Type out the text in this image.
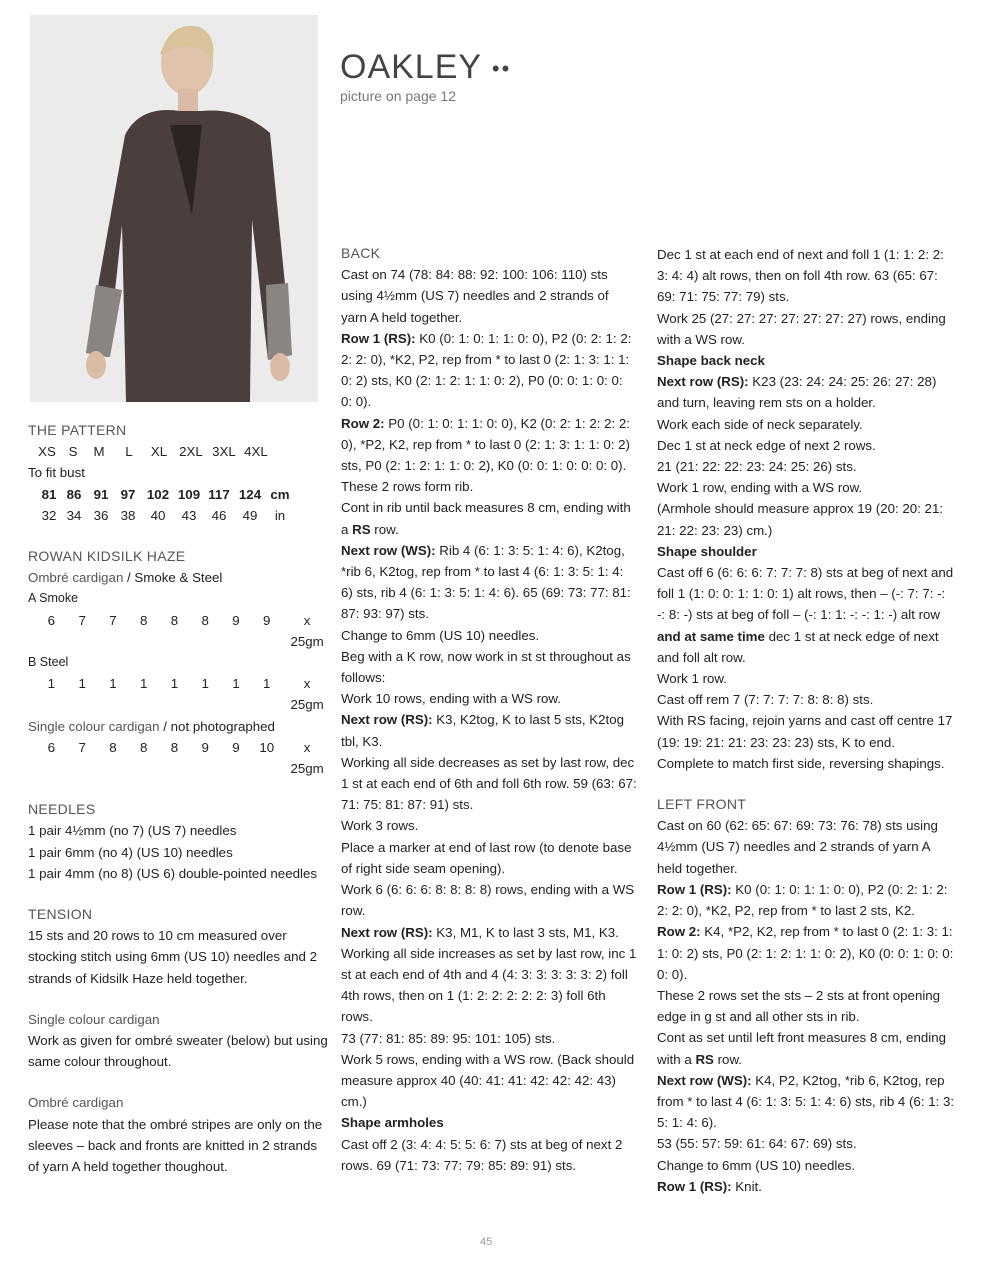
OAKLEY ••
picture on page 12
THE PATTERN
XS S	M	L	XL 2XL 3XL 4XL

To fit bust

81 86 91 97 102 109 117 124 cm
32 34 36 38	40	43	46	49	in
ROWAN KIDSILK HAZE

Ombré cardigan / Smoke & Steel

A Smoke

6	7	7	8	8	8	9	9	x 25gm

B Steel

1	1	1	1	1	1	1	1	x 25gm

Single colour cardigan / not photographed

6	7	8	8	8	9	9	10	x 25gm
NEEDLES

1 pair 4½mm (no 7) (US 7) needles

1 pair 6mm (no 4) (US 10) needles

1 pair 4mm (no 8) (US 6) double-pointed needles

TENSION

15 sts and 20 rows to 10 cm measured over stocking stitch using 6mm (US 10) needles and 2 strands of Kidsilk Haze held together.

Single colour cardigan

Work as given for ombré sweater (below) but using same colour throughout.

Ombré cardigan

Please note that the ombré stripes are only on the sleeves – back and fronts are knitted in 2 strands of yarn A held together thoughout.

BACK

Cast on 74 (78: 84: 88: 92: 100: 106: 110) sts using 4½mm (US 7) needles and 2 strands of yarn A held together.

Row 1 (RS): K0 (0: 1: 0: 1: 1: 0: 0), P2 (0: 2: 1: 2: 2: 2: 0), *K2, P2, rep from * to last 0 (2: 1: 3: 1: 1: 0: 2) sts, K0 (2: 1: 2: 1: 1: 0: 2), P0 (0: 0: 1: 0: 0: 0: 0).

Row 2: P0 (0: 1: 0: 1: 1: 0: 0), K2 (0: 2: 1: 2: 2: 2: 0), *P2, K2, rep from * to last 0 (2: 1: 3: 1: 1: 0: 2) sts, P0 (2: 1: 2: 1: 1: 0: 2), K0 (0: 0: 1: 0: 0: 0: 0).

These 2 rows form rib.

Cont in rib until back measures 8 cm, ending with a RS row.

Next row (WS): Rib 4 (6: 1: 3: 5: 1: 4: 6), K2tog, *rib 6, K2tog, rep from * to last 4 (6: 1: 3: 5: 1: 4: 6) sts, rib 4 (6: 1: 3: 5: 1: 4: 6). 65 (69: 73: 77: 81: 87: 93: 97) sts.

Change to 6mm (US 10) needles.

Beg with a K row, now work in st st throughout as follows:

Work 10 rows, ending with a WS row.

Next row (RS): K3, K2tog, K to last 5 sts, K2tog tbl, K3.

Working all side decreases as set by last row, dec 1 st at each end of 6th and foll 6th row. 59 (63: 67: 71: 75: 81: 87: 91) sts.

Work 3 rows.

Place a marker at end of last row (to denote base of right side seam opening).

Work 6 (6: 6: 6: 8: 8: 8: 8) rows, ending with a WS row.

Next row (RS): K3, M1, K to last 3 sts, M1, K3.

Working all side increases as set by last row, inc 1 st at each end of 4th and 4 (4: 3: 3: 3: 3: 3: 2) foll 4th rows, then on 1 (1: 2: 2: 2: 2: 2: 3) foll 6th rows.

73 (77: 81: 85: 89: 95: 101: 105) sts.

Work 5 rows, ending with a WS row. (Back should measure approx 40 (40: 41: 41: 42: 42: 42: 43) cm.)

Shape armholes

Cast off 2 (3: 4: 4: 5: 5: 6: 7) sts at beg of next 2 rows. 69 (71: 73: 77: 79: 85: 89: 91) sts.

Dec 1 st at each end of next and foll 1 (1: 1: 2: 2: 3: 4: 4) alt rows, then on foll 4th row. 63 (65: 67: 69: 71: 75: 77: 79) sts.

Work 25 (27: 27: 27: 27: 27: 27: 27) rows, ending with a WS row.

Shape back neck

Next row (RS): K23 (23: 24: 24: 25: 26: 27: 28) and turn, leaving rem sts on a holder.

Work each side of neck separately.

Dec 1 st at neck edge of next 2 rows.

21 (21: 22: 22: 23: 24: 25: 26) sts.

Work 1 row, ending with a WS row.

(Armhole should measure approx 19 (20: 20: 21: 21: 22: 23: 23) cm.)

Shape shoulder

Cast off 6 (6: 6: 6: 7: 7: 7: 8) sts at beg of next and foll 1 (1: 0: 0: 1: 1: 0: 1) alt rows, then – (-: 7: 7: -: -: 8: -) sts at beg of foll – (-: 1: 1: -: -: 1: -) alt row and at same time dec 1 st at neck edge of next and foll alt row.

Work 1 row.

Cast off rem 7 (7: 7: 7: 7: 8: 8: 8) sts.

With RS facing, rejoin yarns and cast off centre 17 (19: 19: 21: 21: 23: 23: 23) sts, K to end.

Complete to match first side, reversing shapings.

LEFT FRONT

Cast on 60 (62: 65: 67: 69: 73: 76: 78) sts using 4½mm (US 7) needles and 2 strands of yarn A held together.

Row 1 (RS): K0 (0: 1: 0: 1: 1: 0: 0), P2 (0: 2: 1: 2: 2: 2: 0), *K2, P2, rep from * to last 2 sts, K2.

Row 2: K4, *P2, K2, rep from * to last 0 (2: 1: 3: 1: 1: 0: 2) sts, P0 (2: 1: 2: 1: 1: 0: 2), K0 (0: 0: 1: 0: 0: 0: 0).

These 2 rows set the sts – 2 sts at front opening edge in g st and all other sts in rib.

Cont as set until left front measures 8 cm, ending with a RS row.

Next row (WS): K4, P2, K2tog, *rib 6, K2tog, rep from * to last 4 (6: 1: 3: 5: 1: 4: 6) sts, rib 4 (6: 1: 3: 5: 1: 4: 6).

53 (55: 57: 59: 61: 64: 67: 69) sts.

Change to 6mm (US 10) needles.

Row 1 (RS): Knit.

45
